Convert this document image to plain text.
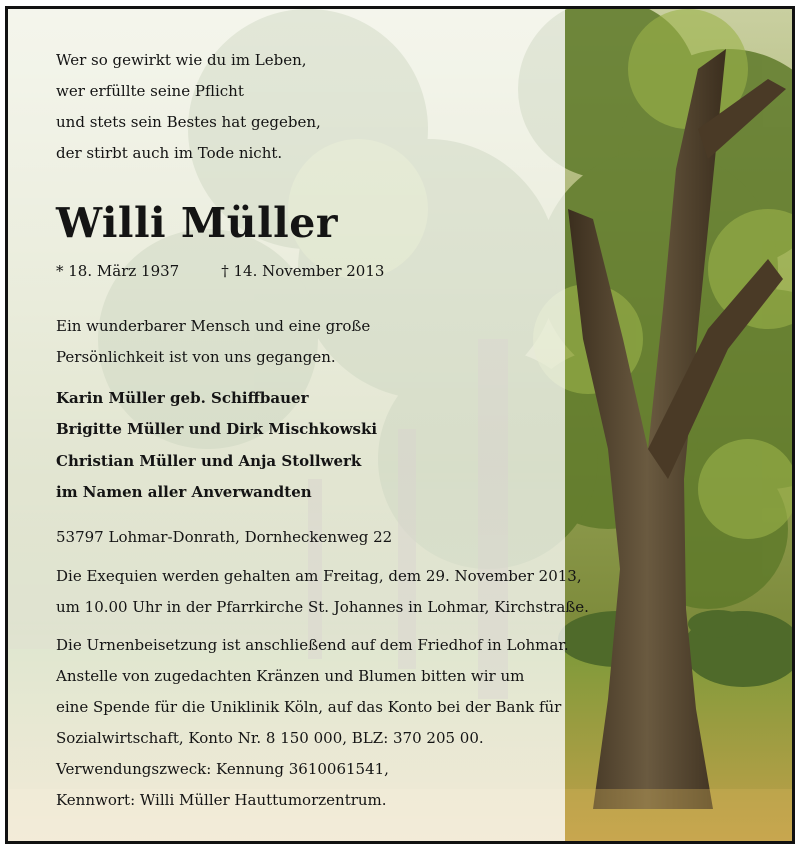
Wer so gewirkt wie du im Leben,
wer erfüllte seine Pflicht
und stets sein Bestes hat gegeben,
der stirbt auch im Tode nicht.
Willi Müller
* 18. März 1937	† 14. November 2013
Ein wunderbarer Mensch und eine große
Persönlichkeit ist von uns gegangen.
Karin Müller geb. Schiffbauer
Brigitte Müller und Dirk Mischkowski
Christian Müller und Anja Stollwerk
im Namen aller Anverwandten
53797 Lohmar-Donrath, Dornheckenweg 22
Die Exequien werden gehalten am Freitag, dem 29. November 2013,
um 10.00 Uhr in der Pfarrkirche St. Johannes in Lohmar, Kirchstraße.
Die Urnenbeisetzung ist anschließend auf dem Friedhof in Lohmar.
Anstelle von zugedachten Kränzen und Blumen bitten wir um
eine Spende für die Uniklinik Köln, auf das Konto bei der Bank für
Sozialwirtschaft, Konto Nr. 8 150 000, BLZ: 370 205 00.
Verwendungszweck: Kennung 3610061541,
Kennwort: Willi Müller Hauttumorzentrum.
